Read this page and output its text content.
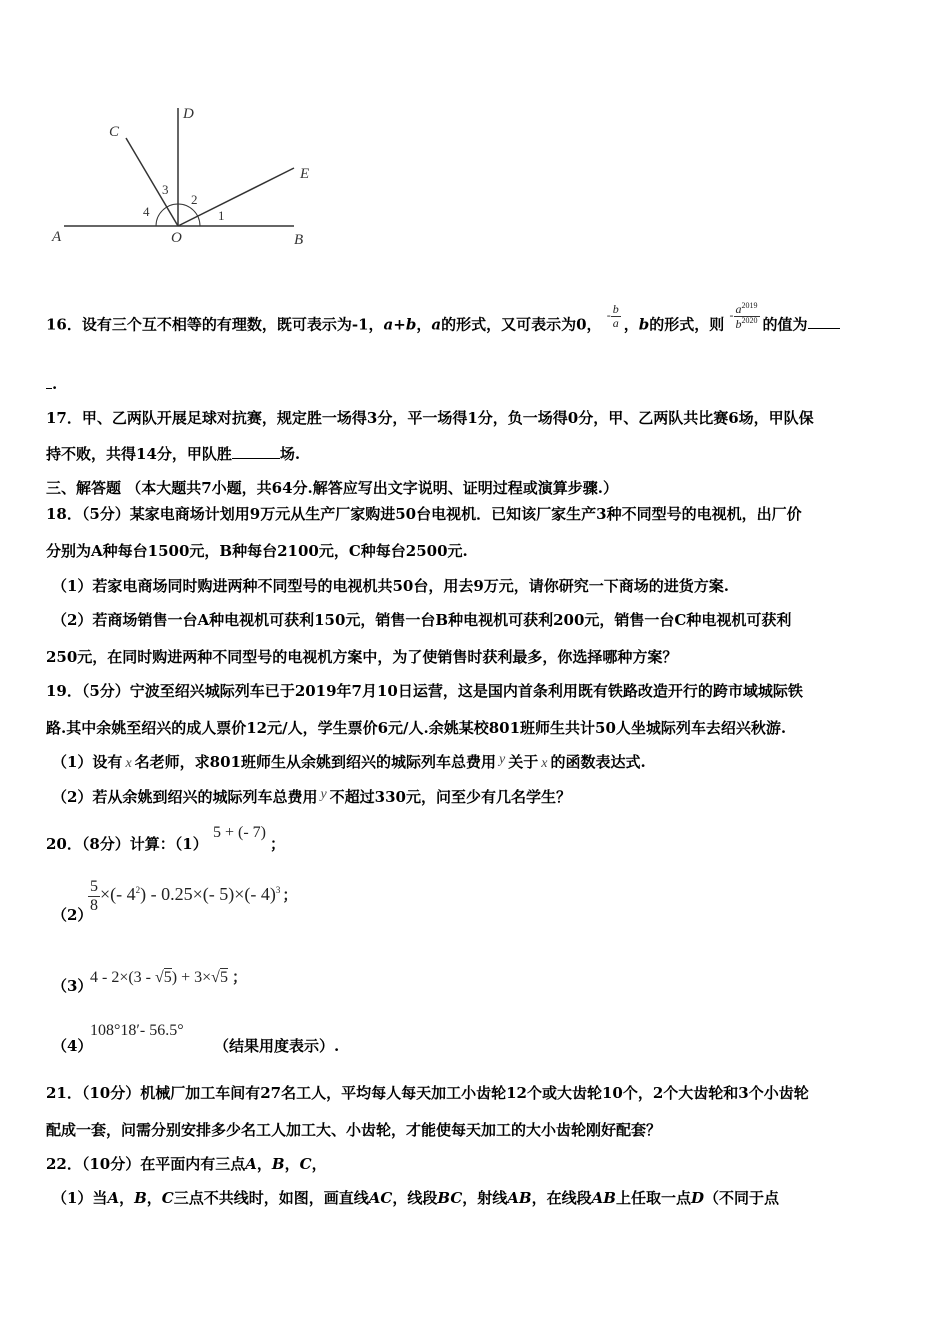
A	O	B
D
C
E
1
2
3
4
16．设有三个互不相等的有理数，既可表示为-1，a+b，a的形式，又可表示为0， $^{- \frac{b}{a}}$ ，b的形式，则 $^{- \frac{a^{2019}}{b^{2020}}}$ 的值为
.
17．甲、乙两队开展足球对抗赛，规定胜一场得3分，平一场得1分，负一场得0分，甲、乙两队共比赛6场，甲队保
持不败，共得14分，甲队胜	场.
三、解答题 （本大题共7小题，共64分.解答应写出文字说明、证明过程或演算步骤.）
18．（5分）某家电商场计划用9万元从生产厂家购进50台电视机．已知该厂家生产3种不同型号的电视机，出厂价
分别为A种每台1500元，B种每台2100元，C种每台2500元.
（1）若家电商场同时购进两种不同型号的电视机共50台，用去9万元，请你研究一下商场的进货方案.
（2）若商场销售一台A种电视机可获利150元，销售一台B种电视机可获利200元，销售一台C种电视机可获利
250元，在同时购进两种不同型号的电视机方案中，为了使销售时获利最多，你选择哪种方案？
19．（5分）宁波至绍兴城际列车已于2019年7月10日运营，这是国内首条利用既有铁路改造开行的跨市域城际铁
路.其中余姚至绍兴的成人票价12元/人，学生票价6元/人.余姚某校801班师生共计50人坐城际列车去绍兴秋游.
（1）设有 x 名老师，求801班师生从余姚到绍兴的城际列车总费用 y 关于 x 的函数表达式.
（2）若从余姚到绍兴的城际列车总费用 y 不超过330元，问至少有几名学生？
20．（8分）计算：（1） 5 + (- 7)；
（2）
$\frac{5}{8}$ ×(- $4^2) - 0.25\times(-$ 5)×(- 4)$^3$ ；
（3）
4 - 2×(3 - √5) + 3×√5 ；
（4）
108°18′- 56.5°
（结果用度表示）.
21．（10分）机械厂加工车间有27名工人，平均每人每天加工小齿轮12个或大齿轮10个，2个大齿轮和3个小齿轮
配成一套，问需分别安排多少名工人加工大、小齿轮，才能使每天加工的大小齿轮刚好配套？
22．（10分）在平面内有三点A，B，C，
（1）当A，B，C三点不共线时，如图，画直线AC，线段BC，射线AB，在线段AB上任取一点D（不同于点
